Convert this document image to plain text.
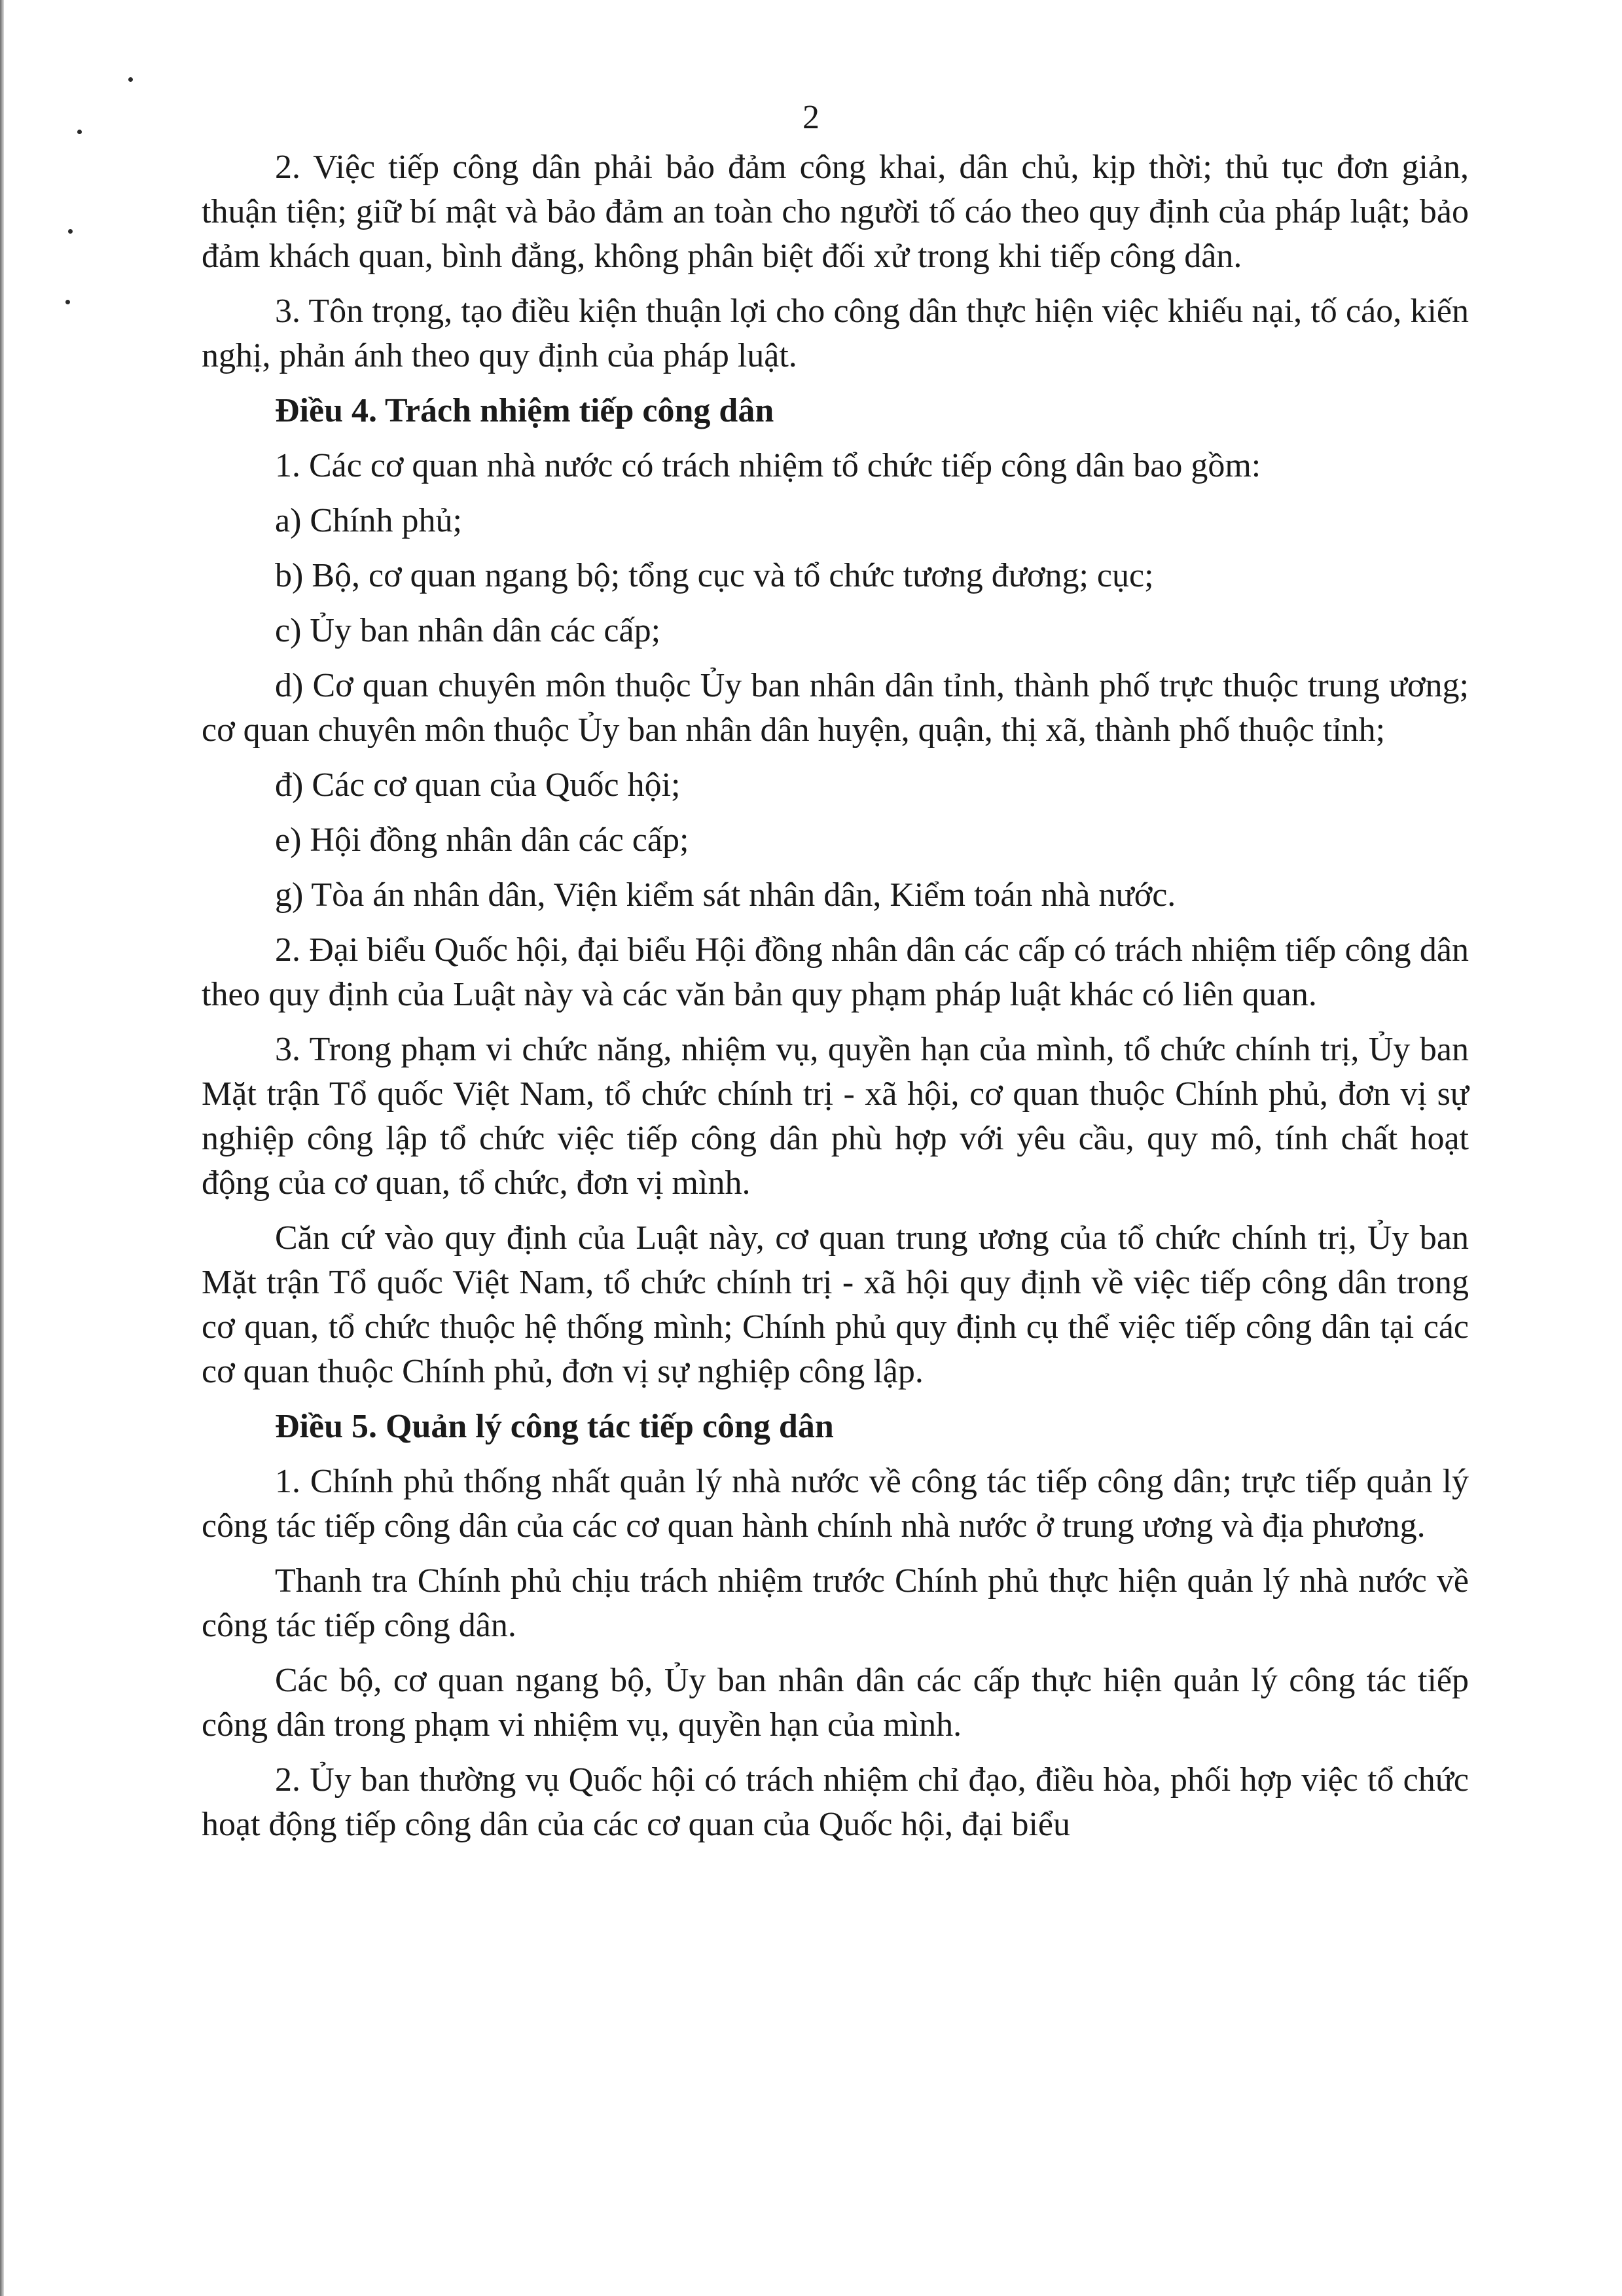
2

2. Việc tiếp công dân phải bảo đảm công khai, dân chủ, kịp thời; thủ tục đơn giản, thuận tiện; giữ bí mật và bảo đảm an toàn cho người tố cáo theo quy định của pháp luật; bảo đảm khách quan, bình đẳng, không phân biệt đối xử trong khi tiếp công dân.

3. Tôn trọng, tạo điều kiện thuận lợi cho công dân thực hiện việc khiếu nại, tố cáo, kiến nghị, phản ánh theo quy định của pháp luật.

Điều 4. Trách nhiệm tiếp công dân

1. Các cơ quan nhà nước có trách nhiệm tổ chức tiếp công dân bao gồm:

a) Chính phủ;

b) Bộ, cơ quan ngang bộ; tổng cục và tổ chức tương đương; cục;

c) Ủy ban nhân dân các cấp;

d) Cơ quan chuyên môn thuộc Ủy ban nhân dân tỉnh, thành phố trực thuộc trung ương; cơ quan chuyên môn thuộc Ủy ban nhân dân huyện, quận, thị xã, thành phố thuộc tỉnh;

đ) Các cơ quan của Quốc hội;

e) Hội đồng nhân dân các cấp;

g) Tòa án nhân dân, Viện kiểm sát nhân dân, Kiểm toán nhà nước.

2. Đại biểu Quốc hội, đại biểu Hội đồng nhân dân các cấp có trách nhiệm tiếp công dân theo quy định của Luật này và các văn bản quy phạm pháp luật khác có liên quan.

3. Trong phạm vi chức năng, nhiệm vụ, quyền hạn của mình, tổ chức chính trị, Ủy ban Mặt trận Tổ quốc Việt Nam, tổ chức chính trị - xã hội, cơ quan thuộc Chính phủ, đơn vị sự nghiệp công lập tổ chức việc tiếp công dân phù hợp với yêu cầu, quy mô, tính chất hoạt động của cơ quan, tổ chức, đơn vị mình.

Căn cứ vào quy định của Luật này, cơ quan trung ương của tổ chức chính trị, Ủy ban Mặt trận Tổ quốc Việt Nam, tổ chức chính trị - xã hội quy định về việc tiếp công dân trong cơ quan, tổ chức thuộc hệ thống mình; Chính phủ quy định cụ thể việc tiếp công dân tại các cơ quan thuộc Chính phủ, đơn vị sự nghiệp công lập.

Điều 5. Quản lý công tác tiếp công dân

1. Chính phủ thống nhất quản lý nhà nước về công tác tiếp công dân; trực tiếp quản lý công tác tiếp công dân của các cơ quan hành chính nhà nước ở trung ương và địa phương.

Thanh tra Chính phủ chịu trách nhiệm trước Chính phủ thực hiện quản lý nhà nước về công tác tiếp công dân.

Các bộ, cơ quan ngang bộ, Ủy ban nhân dân các cấp thực hiện quản lý công tác tiếp công dân trong phạm vi nhiệm vụ, quyền hạn của mình.

2. Ủy ban thường vụ Quốc hội có trách nhiệm chỉ đạo, điều hòa, phối hợp việc tổ chức hoạt động tiếp công dân của các cơ quan của Quốc hội, đại biểu
